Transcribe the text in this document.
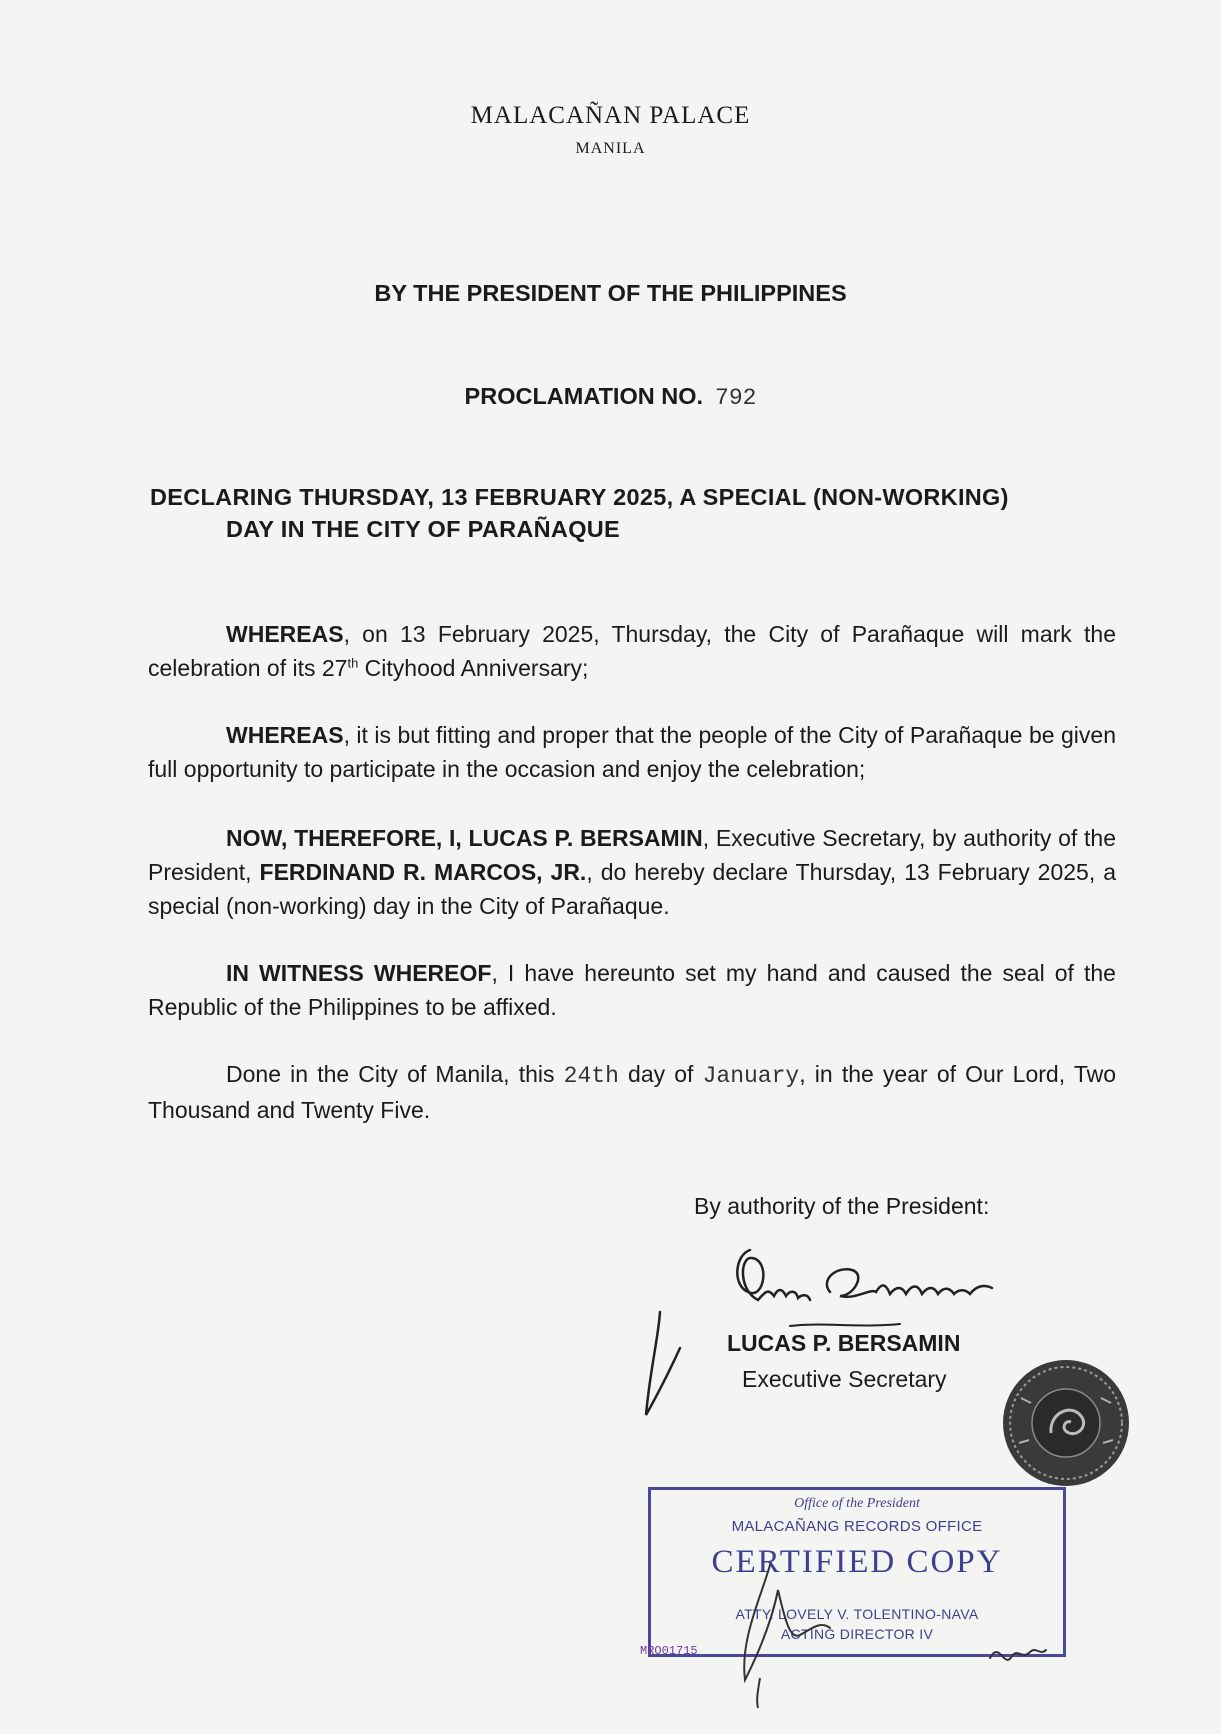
MALACAÑAN PALACE
MANILA
BY THE PRESIDENT OF THE PHILIPPINES
PROCLAMATION NO. 792
DECLARING THURSDAY, 13 FEBRUARY 2025, A SPECIAL (NON-WORKING)
DAY IN THE CITY OF PARAÑAQUE
WHEREAS, on 13 February 2025, Thursday, the City of Parañaque will mark the celebration of its 27th Cityhood Anniversary;
WHEREAS, it is but fitting and proper that the people of the City of Parañaque be given full opportunity to participate in the occasion and enjoy the celebration;
NOW, THEREFORE, I, LUCAS P. BERSAMIN, Executive Secretary, by authority of the President, FERDINAND R. MARCOS, JR., do hereby declare Thursday, 13 February 2025, a special (non-working) day in the City of Parañaque.
IN WITNESS WHEREOF, I have hereunto set my hand and caused the seal of the Republic of the Philippines to be affixed.
Done in the City of Manila, this 24th day of January, in the year of Our Lord, Two Thousand and Twenty Five.
By authority of the President:
LUCAS P. BERSAMIN
Executive Secretary
Office of the President
MALACAÑANG RECORDS OFFICE
CERTIFIED COPY
ATTY. LOVELY V. TOLENTINO-NAVA
ACTING DIRECTOR IV
MRO01715
